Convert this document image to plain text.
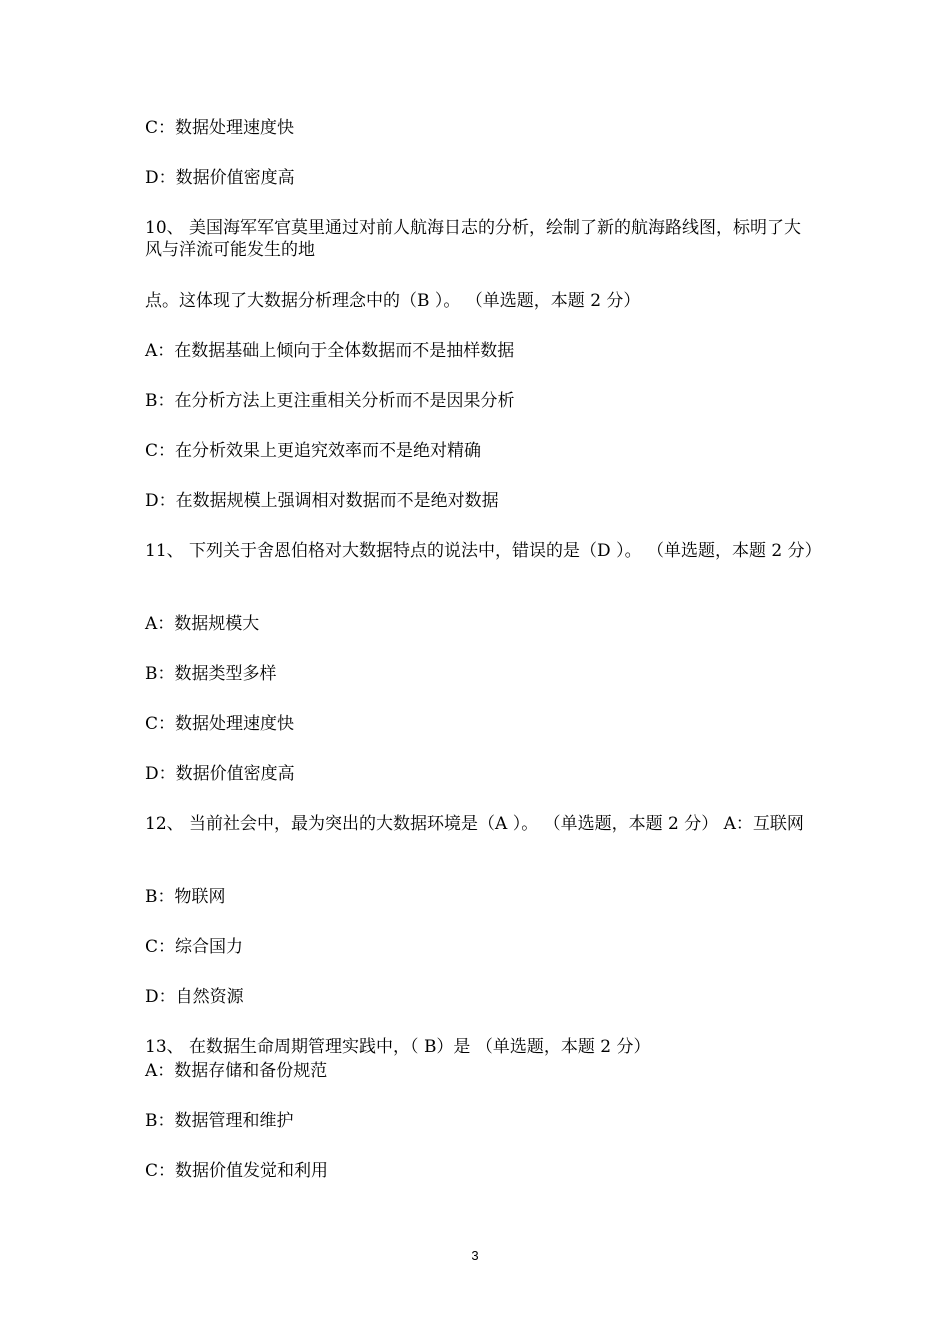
C：数据处理速度快
D：数据价值密度高
10、 美国海军军官莫里通过对前人航海日志的分析，绘制了新的航海路线图，标明了大风与洋流可能发生的地
点。这体现了大数据分析理念中的（B ）。 （单选题，本题 2 分）
A：在数据基础上倾向于全体数据而不是抽样数据
B：在分析方法上更注重相关分析而不是因果分析
C：在分析效果上更追究效率而不是绝对精确
D：在数据规模上强调相对数据而不是绝对数据
11、 下列关于舍恩伯格对大数据特点的说法中，错误的是（D ）。 （单选题，本题 2 分）
A：数据规模大
B：数据类型多样
C：数据处理速度快
D：数据价值密度高
12、 当前社会中，最为突出的大数据环境是（A ）。 （单选题，本题 2 分） A：互联网
B：物联网
C：综合国力
D：自然资源
13、 在数据生命周期管理实践中，（ B）是 （单选题，本题 2 分）
A：数据存储和备份规范
B：数据管理和维护
C：数据价值发觉和利用
3
